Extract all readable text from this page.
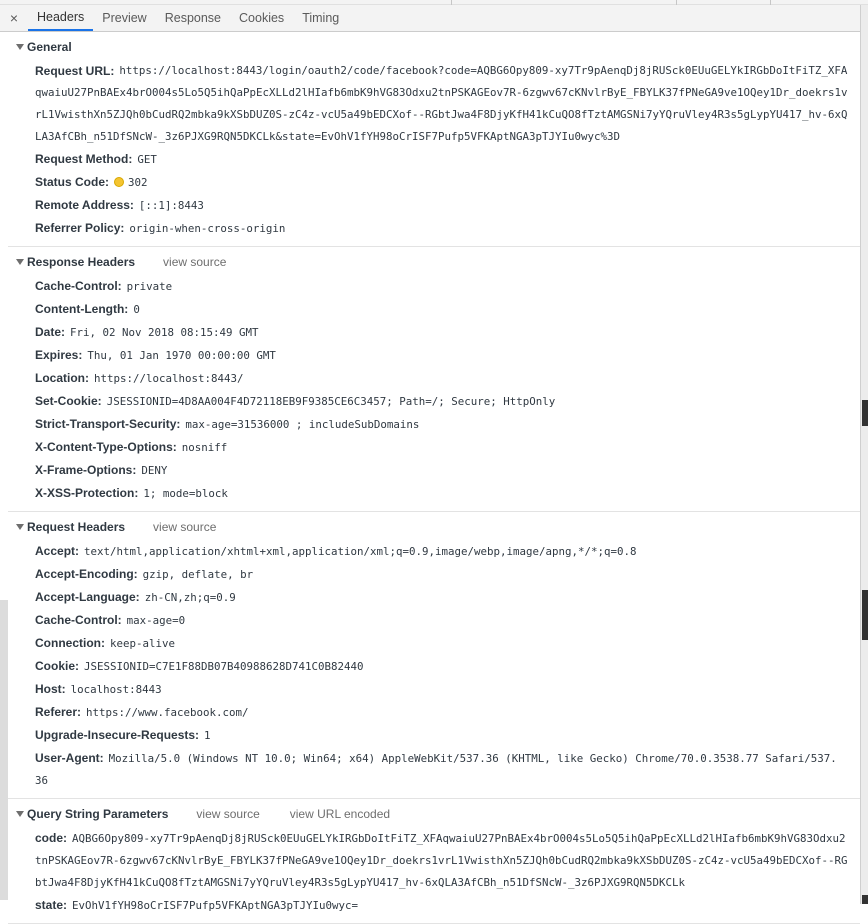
×	Headers	Preview	Response	Cookies	Timing
General
Request URL: https://localhost:8443/login/oauth2/code/facebook?code=AQBG6Opy809-xy7Tr9pAenqDj8jRUSck0EUuGELYkIRGbDoItFiTZ_XFA
qwaiuU27PnBAEx4brO004s5Lo5Q5ihQaPpEcXLLd2lHIafb6mbK9hVG83Odxu2tnPSKAGEov7R-6zgwv67cKNvlrByE_FBYLK37fPNeGA9ve1OQey1Dr_doekrs1v
rL1VwisthXn5ZJQh0bCudRQ2mbka9kXSbDUZ0S-zC4z-vcU5a49bEDCXof--RGbtJwa4F8DjyKfH41kCuQO8fTztAMGSNi7yYQruVley4R3s5gLypYU417_hv-6xQ
LA3AfCBh_n51DfSNcW-_3z6PJXG9RQN5DKCLk&state=EvOhV1fYH98oCrISF7Pufp5VFKAptNGA3pTJYIu0wyc%3D
Request Method: GET
Status Code: 302
Remote Address: [::1]:8443
Referrer Policy: origin-when-cross-origin
Response Headers view source
Cache-Control: private
Content-Length: 0
Date: Fri, 02 Nov 2018 08:15:49 GMT
Expires: Thu, 01 Jan 1970 00:00:00 GMT
Location: https://localhost:8443/
Set-Cookie: JSESSIONID=4D8AA004F4D72118EB9F9385CE6C3457; Path=/; Secure; HttpOnly
Strict-Transport-Security: max-age=31536000 ; includeSubDomains
X-Content-Type-Options: nosniff
X-Frame-Options: DENY
X-XSS-Protection: 1; mode=block
Request Headers view source
Accept: text/html,application/xhtml+xml,application/xml;q=0.9,image/webp,image/apng,*/*;q=0.8
Accept-Encoding: gzip, deflate, br
Accept-Language: zh-CN,zh;q=0.9
Cache-Control: max-age=0
Connection: keep-alive
Cookie: JSESSIONID=C7E1F88DB07B40988628D741C0B82440
Host: localhost:8443
Referer: https://www.facebook.com/
Upgrade-Insecure-Requests: 1
User-Agent: Mozilla/5.0 (Windows NT 10.0; Win64; x64) AppleWebKit/537.36 (KHTML, like Gecko) Chrome/70.0.3538.77 Safari/537.
36
Query String Parameters view source	view URL encoded
code: AQBG6Opy809-xy7Tr9pAenqDj8jRUSck0EUuGELYkIRGbDoItFiTZ_XFAqwaiuU27PnBAEx4brO004s5Lo5Q5ihQaPpEcXLLd2lHIafb6mbK9hVG83Odxu2
tnPSKAGEov7R-6zgwv67cKNvlrByE_FBYLK37fPNeGA9ve1OQey1Dr_doekrs1vrL1VwisthXn5ZJQh0bCudRQ2mbka9kXSbDUZ0S-zC4z-vcU5a49bEDCXof--RG
btJwa4F8DjyKfH41kCuQO8fTztAMGSNi7yYQruVley4R3s5gLypYU417_hv-6xQLA3AfCBh_n51DfSNcW-_3z6PJXG9RQN5DKCLk
state: EvOhV1fYH98oCrISF7Pufp5VFKAptNGA3pTJYIu0wyc=
